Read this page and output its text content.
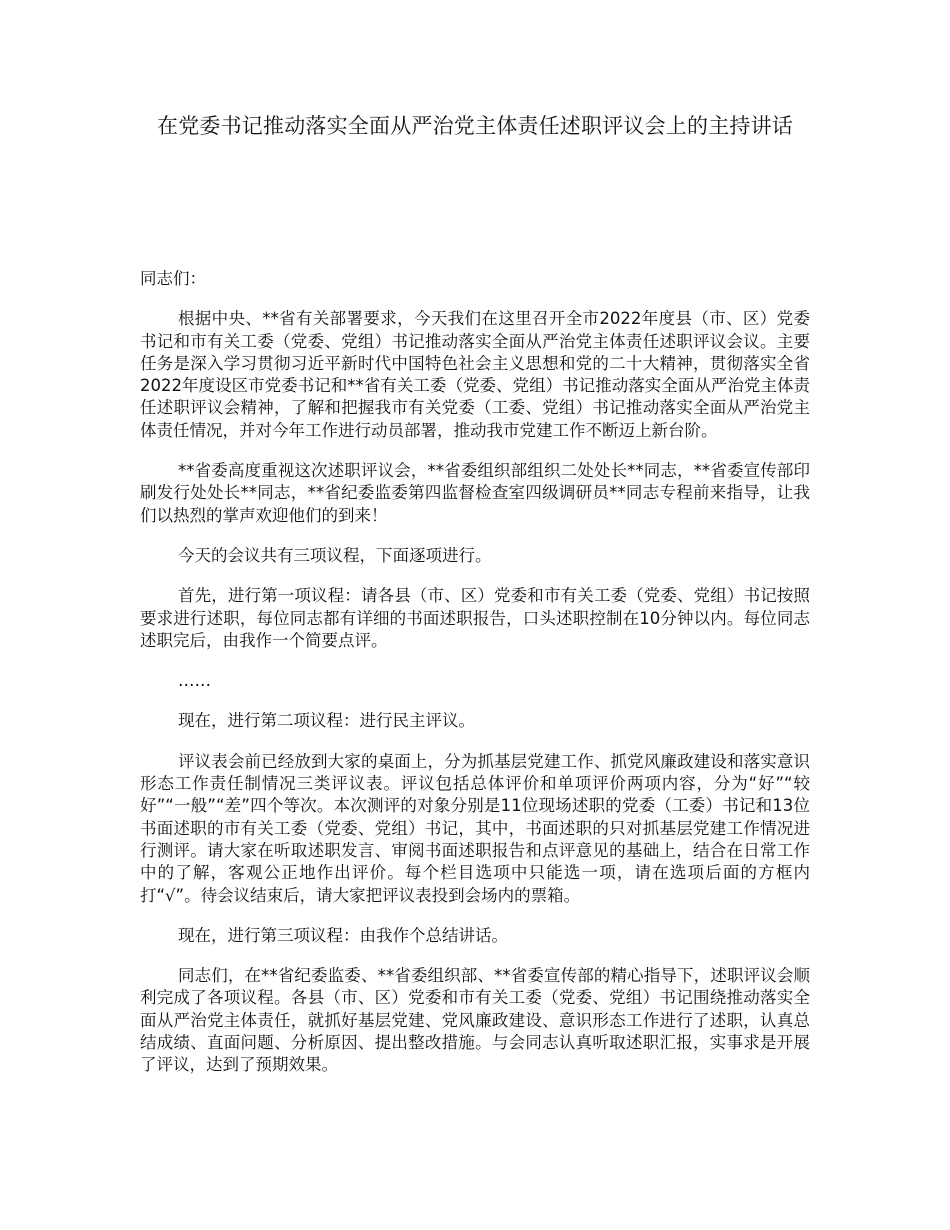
在党委书记推动落实全面从严治党主体责任述职评议会上的主持讲话

同志们：

根据中央、**省有关部署要求，今天我们在这里召开全市2022年度县（市、区）党委书记和市有关工委（党委、党组）书记推动落实全面从严治党主体责任述职评议会议。主要任务是深入学习贯彻习近平新时代中国特色社会主义思想和党的二十大精神，贯彻落实全省2022年度设区市党委书记和**省有关工委（党委、党组）书记推动落实全面从严治党主体责任述职评议会精神，了解和把握我市有关党委（工委、党组）书记推动落实全面从严治党主体责任情况，并对今年工作进行动员部署，推动我市党建工作不断迈上新台阶。

**省委高度重视这次述职评议会，**省委组织部组织二处处长**同志，**省委宣传部印刷发行处处长**同志，**省纪委监委第四监督检查室四级调研员**同志专程前来指导，让我们以热烈的掌声欢迎他们的到来！

今天的会议共有三项议程，下面逐项进行。

首先，进行第一项议程：请各县（市、区）党委和市有关工委（党委、党组）书记按照要求进行述职，每位同志都有详细的书面述职报告，口头述职控制在10分钟以内。每位同志述职完后，由我作一个简要点评。

……

现在，进行第二项议程：进行民主评议。

评议表会前已经放到大家的桌面上，分为抓基层党建工作、抓党风廉政建设和落实意识形态工作责任制情况三类评议表。评议包括总体评价和单项评价两项内容，分为“好”“较好”“一般”“差”四个等次。本次测评的对象分别是11位现场述职的党委（工委）书记和13位书面述职的市有关工委（党委、党组）书记，其中，书面述职的只对抓基层党建工作情况进行测评。请大家在听取述职发言、审阅书面述职报告和点评意见的基础上，结合在日常工作中的了解，客观公正地作出评价。每个栏目选项中只能选一项，请在选项后面的方框内打“√”。待会议结束后，请大家把评议表投到会场内的票箱。

现在，进行第三项议程：由我作个总结讲话。

同志们，在**省纪委监委、**省委组织部、**省委宣传部的精心指导下，述职评议会顺利完成了各项议程。各县（市、区）党委和市有关工委（党委、党组）书记围绕推动落实全面从严治党主体责任，就抓好基层党建、党风廉政建设、意识形态工作进行了述职，认真总结成绩、直面问题、分析原因、提出整改措施。与会同志认真听取述职汇报，实事求是开展了评议，达到了预期效果。
